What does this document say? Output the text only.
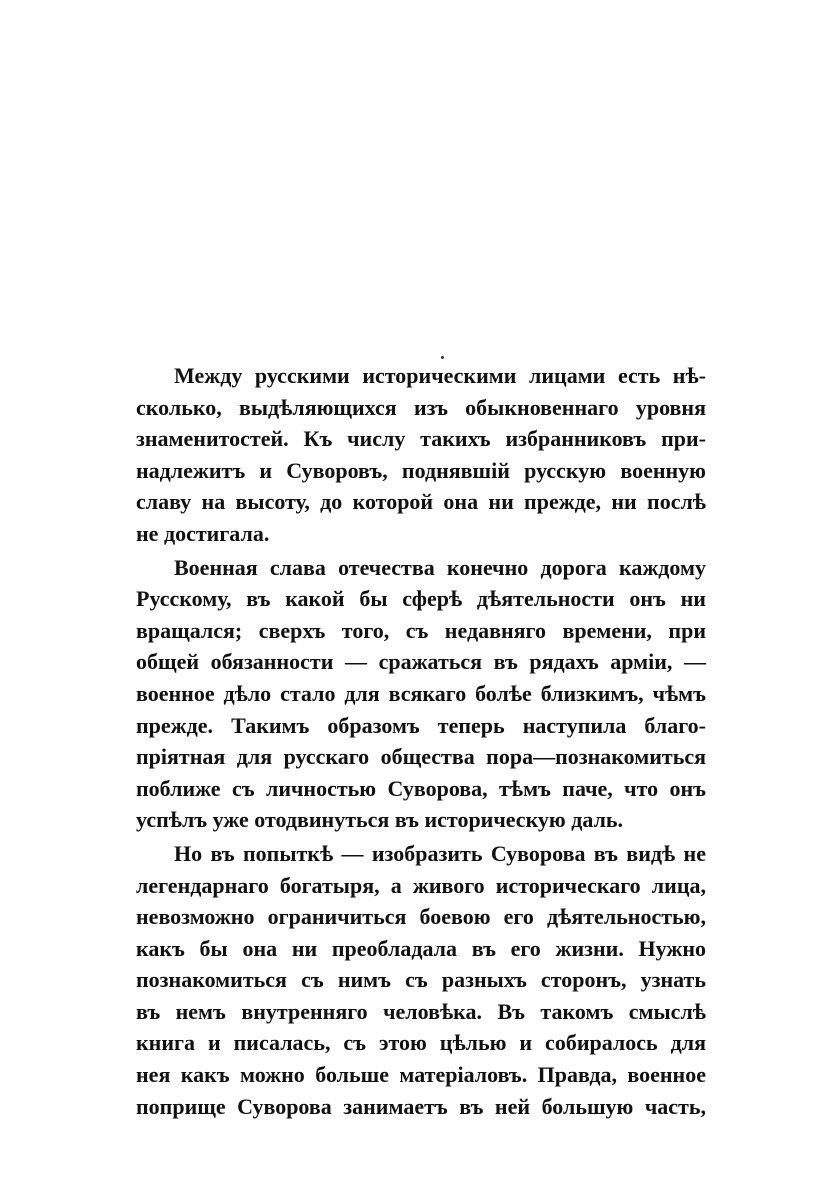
Между русскими историческими лицами есть нѣ-
сколько, выдѣляющихся изъ обыкновеннаго уровня
знаменитостей. Къ числу такихъ избранниковъ при-
надлежитъ и Суворовъ, поднявшій русскую военную
славу на высоту, до которой она ни прежде, ни послѣ
не достигала.
Военная слава отечества конечно дорога каждому
Русскому, въ какой бы сферѣ дѣятельности онъ ни
вращался; сверхъ того, съ недавняго времени, при
общей обязанности — сражаться въ рядахъ арміи, —
военное дѣло стало для всякаго болѣе близкимъ, чѣмъ
прежде. Такимъ образомъ теперь наступила благо-
пріятная для русскаго общества пора—познакомиться
поближе съ личностью Суворова, тѣмъ паче, что онъ
успѣлъ уже отодвинуться въ историческую даль.
Но въ попыткѣ — изобразить Суворова въ видѣ не
легендарнаго богатыря, а живого историческаго лица,
невозможно ограничиться боевою его дѣятельностью,
какъ бы она ни преобладала въ его жизни. Нужно
познакомиться съ нимъ съ разныхъ сторонъ, узнать
въ немъ внутренняго человѣка. Въ такомъ смыслѣ
книга и писалась, съ этою цѣлью и собиралось для
нея какъ можно больше матеріаловъ. Правда, военное
поприще Суворова занимаетъ въ ней большую часть,
